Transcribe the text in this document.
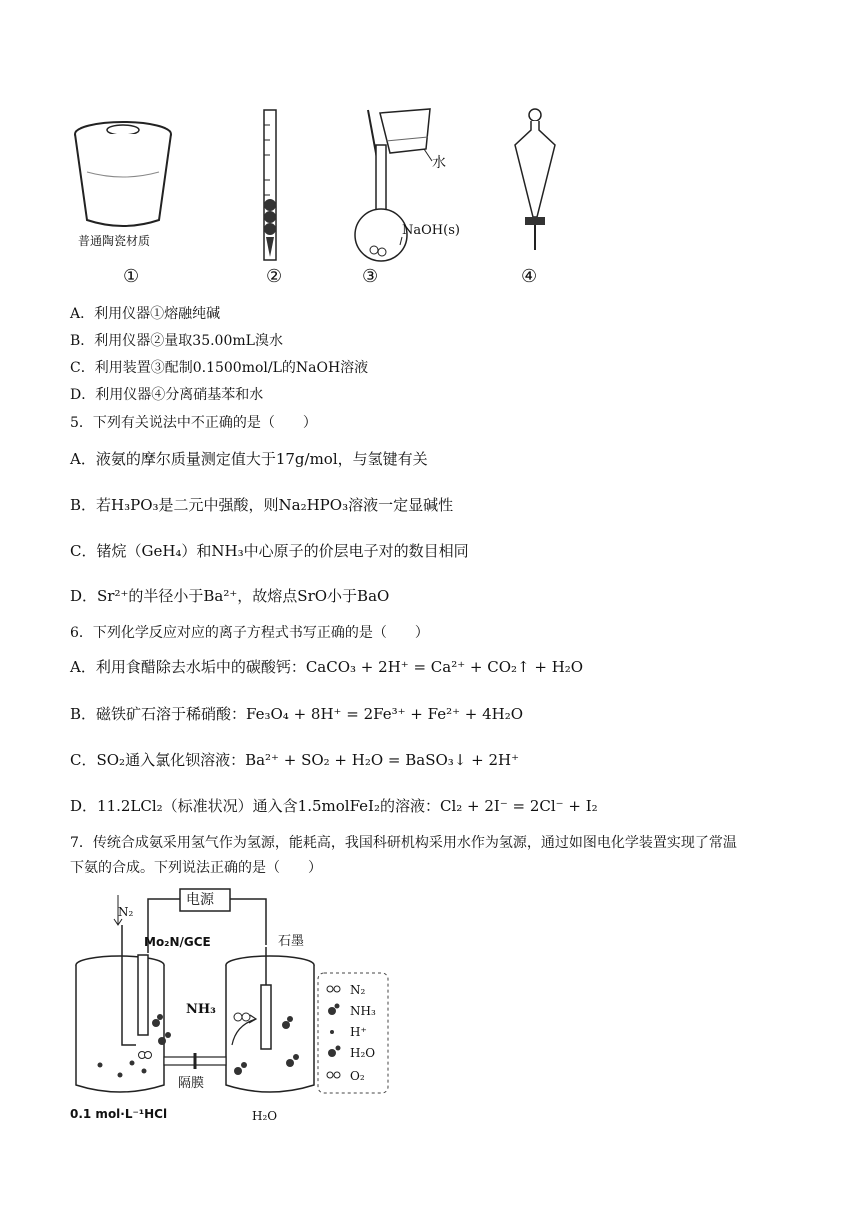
普通陶瓷材质
水
NaOH(s)
①	②	③	④
A．利用仪器①熔融纯碱
B．利用仪器②量取35.00mL溴水
C．利用装置③配制0.1500mol/L的NaOH溶液
D．利用仪器④分离硝基苯和水
5．下列有关说法中不正确的是（　　）
A．液氨的摩尔质量测定值大于17g/mol，与氢键有关
B．若H₃PO₃是二元中强酸，则Na₂HPO₃溶液一定显碱性
C．锗烷（GeH₄）和NH₃中心原子的价层电子对的数目相同
D．Sr²⁺的半径小于Ba²⁺，故熔点SrO小于BaO
6．下列化学反应对应的离子方程式书写正确的是（　　）
A．利用食醋除去水垢中的碳酸钙：CaCO₃ + 2H⁺ = Ca²⁺ + CO₂↑ + H₂O
B．磁铁矿石溶于稀硝酸：Fe₃O₄ + 8H⁺ = 2Fe³⁺ + Fe²⁺ + 4H₂O
C．SO₂通入氯化钡溶液：Ba²⁺ + SO₂ + H₂O = BaSO₃↓ + 2H⁺
D．11.2LCl₂（标准状况）通入含1.5molFeI₂的溶液：Cl₂ + 2I⁻ = 2Cl⁻ + I₂
7．传统合成氨采用氢气作为氢源，能耗高，我国科研机构采用水作为氢源，通过如图电化学装置实现了常温
下氨的合成。下列说法正确的是（　　）
电源
N₂
Mo₂N/GCE	石墨
NH₃
隔膜
0.1 mol·L⁻¹HCl	H₂O
N₂
NH₃
H⁺
H₂O
O₂
